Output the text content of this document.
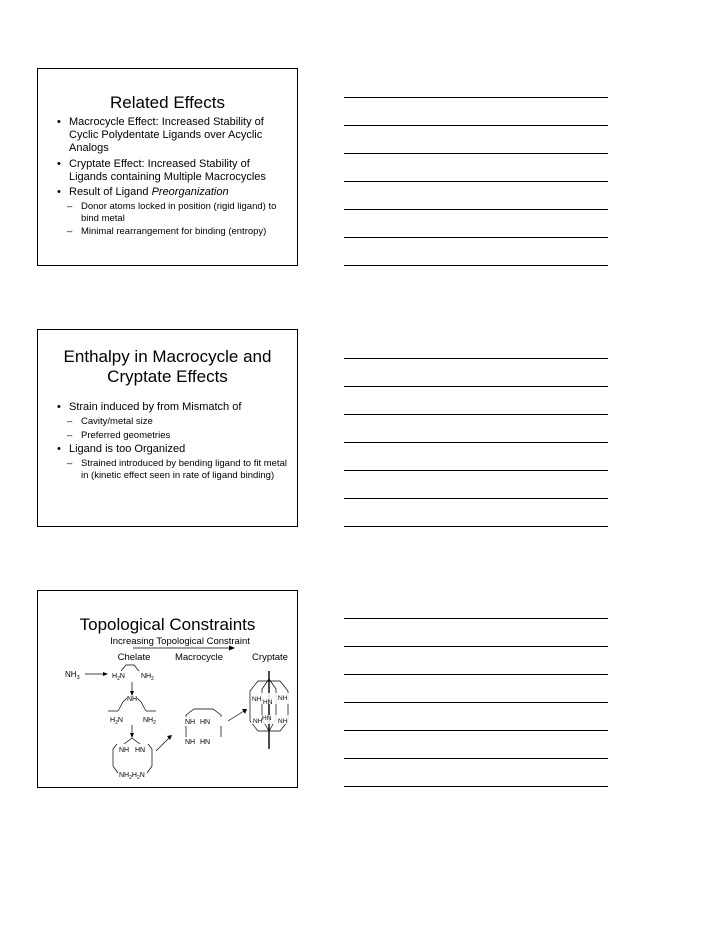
Related Effects
• Macrocycle Effect: Increased Stability of Cyclic Polydentate Ligands over Acyclic Analogs
• Cryptate Effect: Increased Stability of Ligands containing Multiple Macrocycles
• Result of Ligand Preorganization
– Donor atoms locked in position (rigid ligand) to bind metal
– Minimal rearrangement for binding (entropy)
Enthalpy in Macrocycle and
Cryptate Effects
• Strain induced by from Mismatch of
– Cavity/metal size
– Preferred geometries
• Ligand is too Organized
– Strained introduced by bending ligand to fit metal in (kinetic effect seen in rate of ligand binding)
Topological Constraints
Increasing Topological Constraint
Chelate	Macrocycle	Cryptate
$NH_3$	$H_2N$ $NH_2$
NH
$H_2N$	$NH_2$
NH HN
$NH_2H_2N$
NH HN
NH HN
NH HN
NH
NH HN NH
